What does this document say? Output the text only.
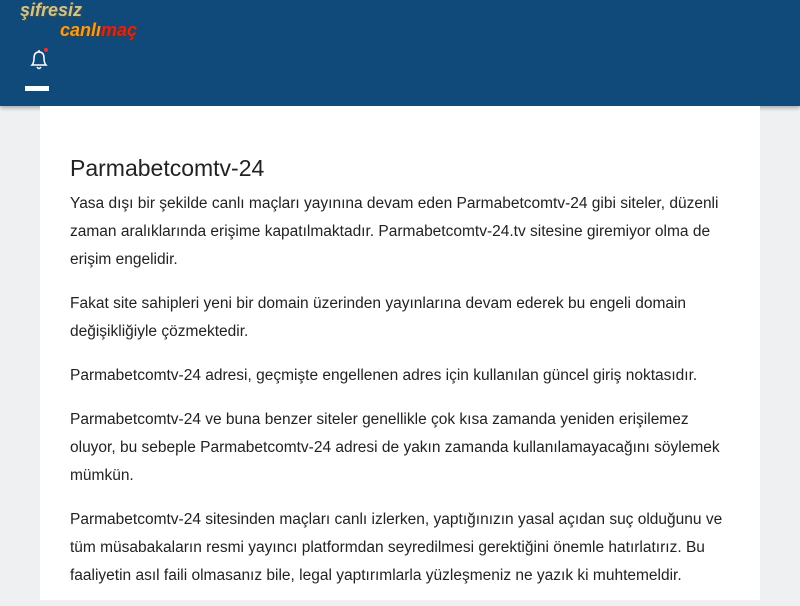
şifresiz
canlımaç
Parmabetcomtv-24

Yasa dışı bir şekilde canlı maçları yayınına devam eden Parmabetcomtv-24 gibi siteler, düzenli zaman aralıklarında erişime kapatılmaktadır. Parmabetcomtv-24.tv sitesine giremiyor olma de erişim engelidir.

Fakat site sahipleri yeni bir domain üzerinden yayınlarına devam ederek bu engeli domain değişikliğiyle çözmektedir.

Parmabetcomtv-24 adresi, geçmişte engellenen adres için kullanılan güncel giriş noktasıdır.

Parmabetcomtv-24 ve buna benzer siteler genellikle çok kısa zamanda yeniden erişilemez oluyor, bu sebeple Parmabetcomtv-24 adresi de yakın zamanda kullanılamayacağını söylemek mümkün.

Parmabetcomtv-24 sitesinden maçları canlı izlerken, yaptığınızın yasal açıdan suç olduğunu ve tüm müsabakaların resmi yayıncı platformdan seyredilmesi gerektiğini önemle hatırlatırız. Bu faaliyetin asıl faili olmasanız bile, legal yaptırımlarla yüzleşmeniz ne yazık ki muhtemeldir.
